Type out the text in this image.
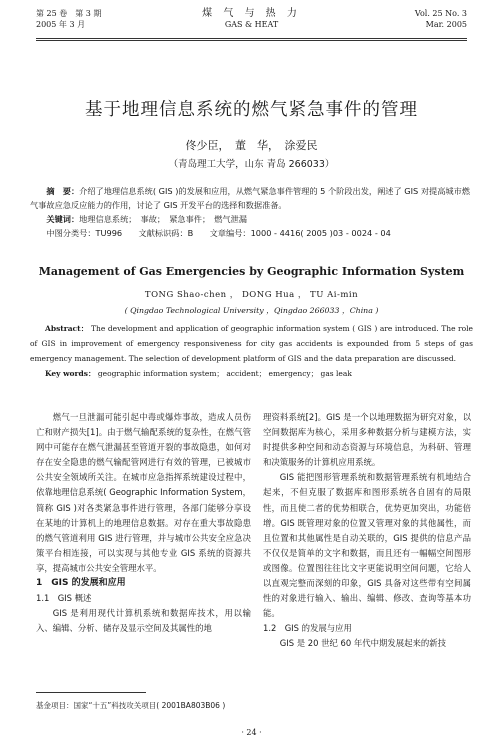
第 25 卷　第 3 期
2005 年 3 月
煤 气 与 热 力
GAS & HEAT
Vol. 25 No. 3
Mar. 2005
基于地理信息系统的燃气紧急事件的管理
佟少臣，　董　华，　涂爱民
（青岛理工大学，山东 青岛 266033）
摘　要：介绍了地理信息系统( GIS )的发展和应用，从燃气紧急事件管理的 5 个阶段出发，阐述了 GIS 对提高城市燃气事故应急反应能力的作用，讨论了 GIS 开发平台的选择和数据准备。
关键词：地理信息系统；　事故；　紧急事件；　燃气泄漏
中图分类号：TU996　　文献标识码：B　　文章编号：1000 - 4416( 2005 )03 - 0024 - 04
Management of Gas Emergencies by Geographic Information System
TONG Shao-chen ， DONG Hua ， TU Ai-min
( Qingdao Technological University ，Qingdao 266033 ，China )
Abstract： The development and application of geographic information system ( GIS ) are introduced. The role of GIS in improvement of emergency responsiveness for city gas accidents is expounded from 5 steps of gas emergency management. The selection of development platform of GIS and the data preparation are discussed.
Key words： geographic information system； accident； emergency； gas leak

燃气一旦泄漏可能引起中毒或爆炸事故，造成人员伤亡和财产损失[1]。由于燃气输配系统的复杂性，在燃气管网中可能存在燃气泄漏甚至管道开裂的事故隐患，如何对存在安全隐患的燃气输配管网进行有效的管理，已被城市公共安全领域所关注。在城市应急指挥系统建设过程中，依靠地理信息系统( Geographic Information System，简称 GIS )对各类紧急事件进行管理，各部门能够分享设在某地的计算机上的地理信息数据。对存在重大事故隐患的燃气管道利用 GIS 进行管理，并与城市公共安全应急决策平台相连接，可以实现与其他专业 GIS 系统的资源共享，提高城市公共安全管理水平。

1　GIS 的发展和应用

1.1　GIS 概述

GIS 是利用现代计算机系统和数据库技术，用以输入、编辑、分析、储存及显示空间及其属性的地

理资料系统[2]。GIS 是一个以地理数据为研究对象，以空间数据库为核心，采用多种数据分析与建模方法，实时提供多种空间和动态资源与环境信息，为科研、管理和决策服务的计算机应用系统。

GIS 能把图形管理系统和数据管理系统有机地结合起来，不但克服了数据库和图形系统各自固有的局限性，而且使二者的优势相联合，优势更加突出，功能倍增。GIS 既管理对象的位置又管理对象的其他属性，而且位置和其他属性是自动关联的，GIS 提供的信息产品不仅仅是简单的文字和数据，而且还有一幅幅空间图形或图像。位置图往往比文字更能说明空间问题，它给人以直观完整而深刻的印象，GIS 具备对这些带有空间属性的对象进行输入、输出、编辑、修改、查询等基本功能。

1.2　GIS 的发展与应用

GIS 是 20 世纪 60 年代中期发展起来的新技

基金项目：国家“十五”科技攻关项目( 2001BA803B06 )
· 24 ·
